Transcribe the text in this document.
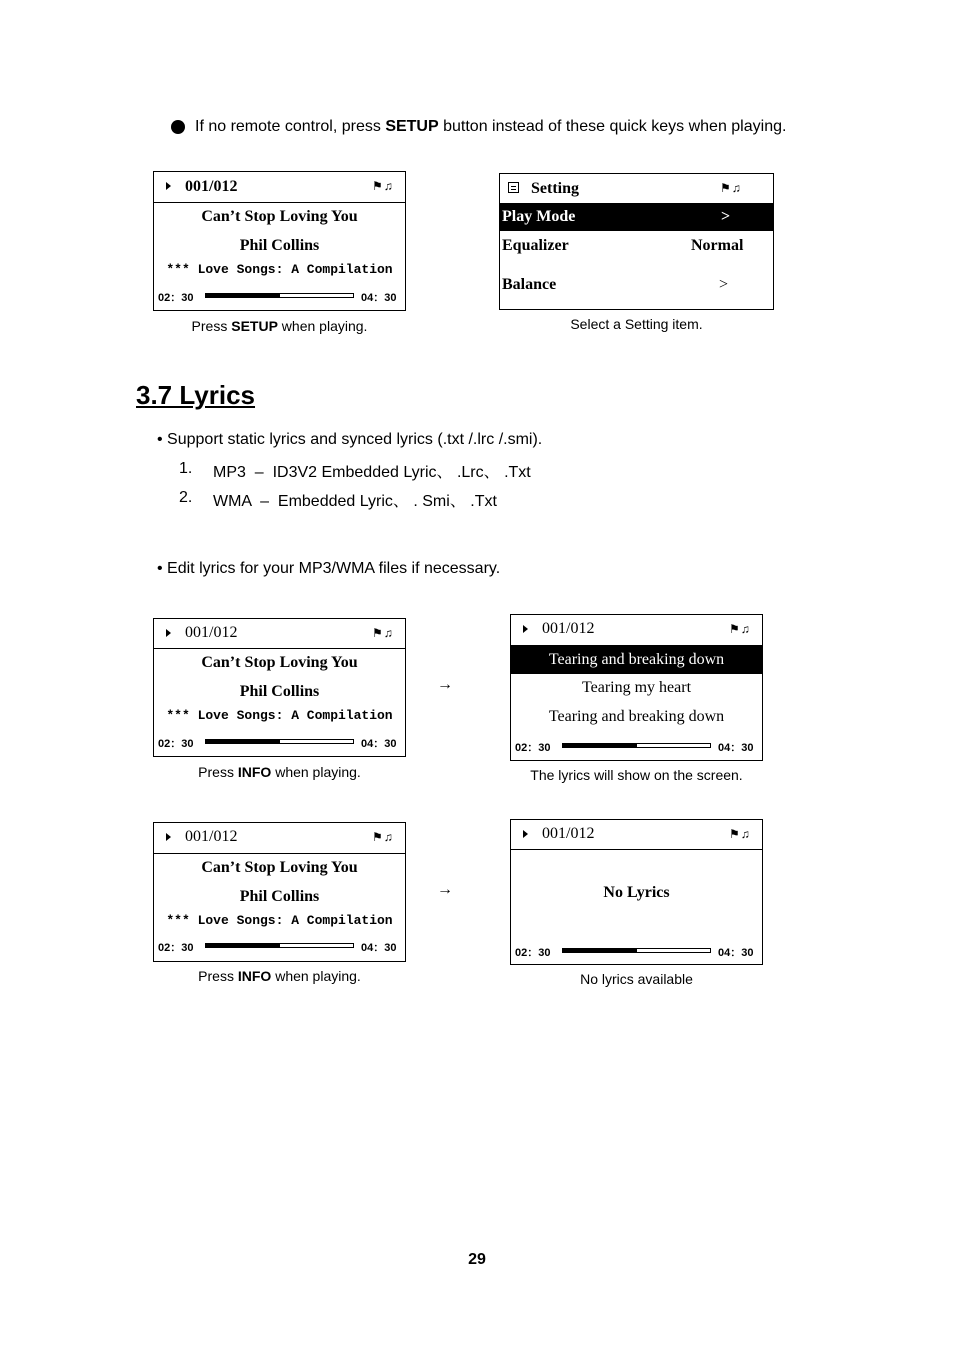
If no remote control, press SETUP button instead of these quick keys when playing.
001/012	⚑♫
Can’t Stop Loving You
Phil Collins
*** Love Songs: A Compilation
02：30	04：30
Press SETUP when playing.
Setting	⚑♫
Play Mode	>
Equalizer	Normal
Balance	>
Select a Setting item.
3.7 Lyrics
• Support static lyrics and synced lyrics (.txt /.lrc /.smi).
1. MP3  –  ID3V2 Embedded Lyric、 .Lrc、 .Txt
2. WMA  –  Embedded Lyric、 . Smi、 .Txt
• Edit lyrics for your MP3/WMA files if necessary.
001/012	⚑♫
Can’t Stop Loving You
Phil Collins
*** Love Songs: A Compilation
02：30	04：30
Press INFO when playing.
→
001/012	⚑♫
Tearing and breaking down
Tearing my heart
Tearing and breaking down
02：30	04：30
The lyrics will show on the screen.
001/012	⚑♫
Can’t Stop Loving You
Phil Collins
*** Love Songs: A Compilation
02：30	04：30
Press INFO when playing.
→
001/012	⚑♫
No Lyrics
02：30	04：30
No lyrics available
29
